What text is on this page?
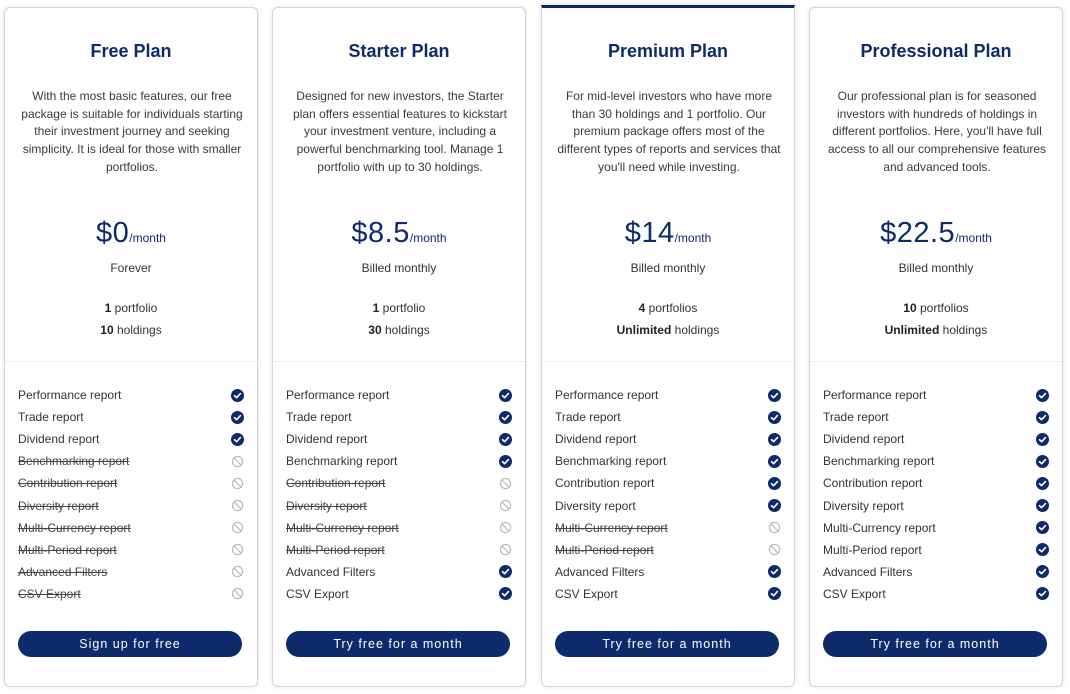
Free Plan
With the most basic features, our free package is suitable for individuals starting their investment journey and seeking simplicity. It is ideal for those with smaller portfolios.
$0/month
Forever
1 portfolio
10 holdings
Performance report
Trade report
Dividend report
Benchmarking report
Contribution report
Diversity report
Multi-Currency report
Multi-Period report
Advanced Filters
CSV Export
Sign up for free
Starter Plan
Designed for new investors, the Starter plan offers essential features to kickstart your investment venture, including a powerful benchmarking tool. Manage 1 portfolio with up to 30 holdings.
$8.5/month
Billed monthly
1 portfolio
30 holdings
Performance report
Trade report
Dividend report
Benchmarking report
Contribution report
Diversity report
Multi-Currency report
Multi-Period report
Advanced Filters
CSV Export
Try free for a month
Premium Plan
For mid-level investors who have more than 30 holdings and 1 portfolio. Our premium package offers most of the different types of reports and services that you'll need while investing.
$14/month
Billed monthly
4 portfolios
Unlimited holdings
Performance report
Trade report
Dividend report
Benchmarking report
Contribution report
Diversity report
Multi-Currency report
Multi-Period report
Advanced Filters
CSV Export
Try free for a month
Professional Plan
Our professional plan is for seasoned investors with hundreds of holdings in different portfolios. Here, you'll have full access to all our comprehensive features and advanced tools.
$22.5/month
Billed monthly
10 portfolios
Unlimited holdings
Performance report
Trade report
Dividend report
Benchmarking report
Contribution report
Diversity report
Multi-Currency report
Multi-Period report
Advanced Filters
CSV Export
Try free for a month
